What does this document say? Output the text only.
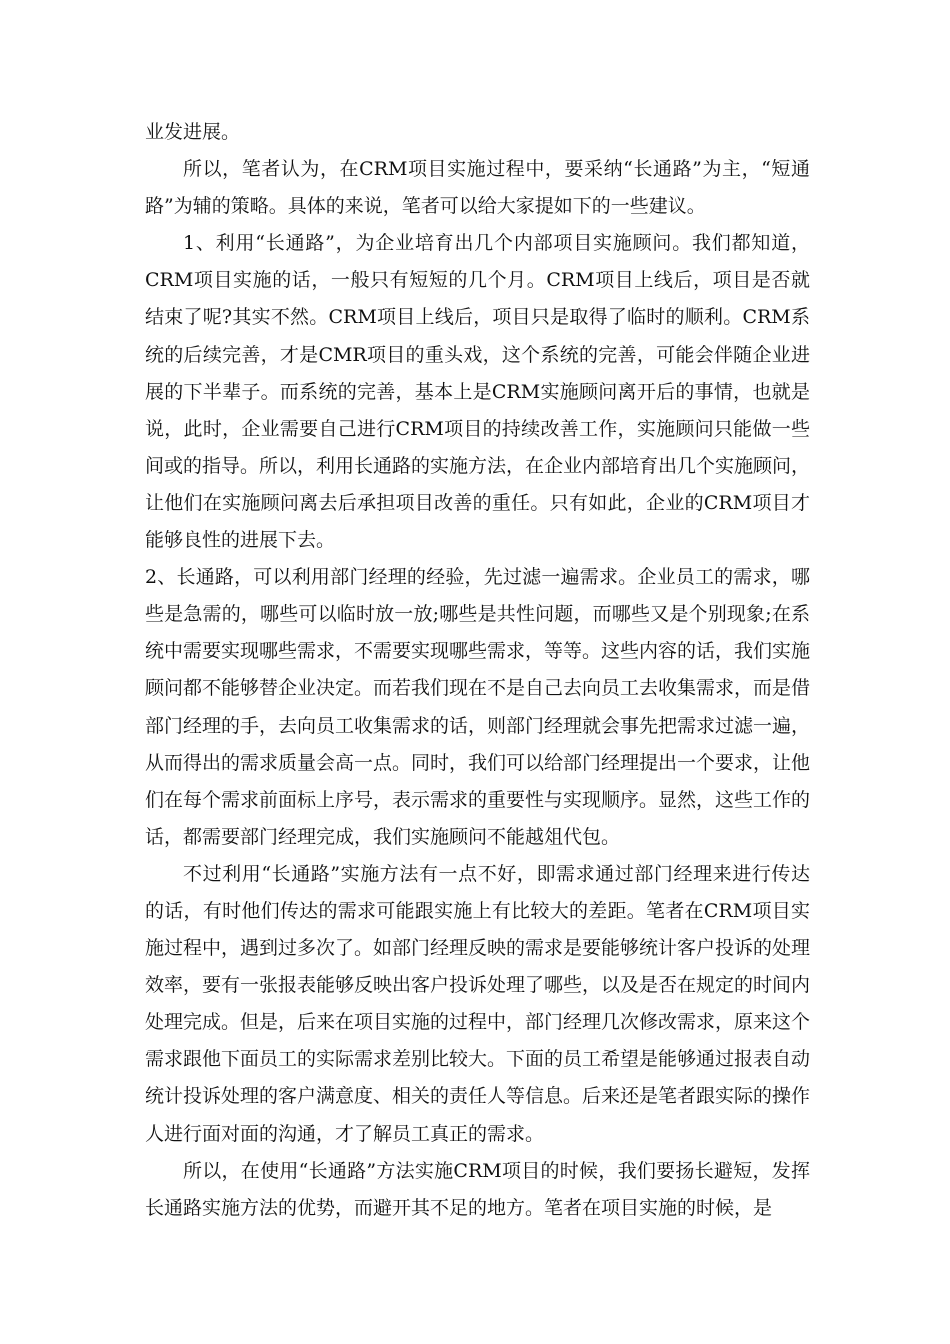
业发进展。

所以，笔者认为，在CRM项目实施过程中，要采纳“长通路”为主，“短通路”为辅的策略。具体的来说，笔者可以给大家提如下的一些建议。

1、利用“长通路”，为企业培育出几个内部项目实施顾问。我们都知道，CRM项目实施的话，一般只有短短的几个月。CRM项目上线后，项目是否就结束了呢?其实不然。CRM项目上线后，项目只是取得了临时的顺利。CRM系统的后续完善，才是CMR项目的重头戏，这个系统的完善，可能会伴随企业进展的下半辈子。而系统的完善，基本上是CRM实施顾问离开后的事情，也就是说，此时，企业需要自己进行CRM项目的持续改善工作，实施顾问只能做一些间或的指导。所以，利用长通路的实施方法，在企业内部培育出几个实施顾问，让他们在实施顾问离去后承担项目改善的重任。只有如此，企业的CRM项目才能够良性的进展下去。

2、长通路，可以利用部门经理的经验，先过滤一遍需求。企业员工的需求，哪些是急需的，哪些可以临时放一放;哪些是共性问题，而哪些又是个别现象;在系统中需要实现哪些需求，不需要实现哪些需求，等等。这些内容的话，我们实施顾问都不能够替企业决定。而若我们现在不是自己去向员工去收集需求，而是借部门经理的手，去向员工收集需求的话，则部门经理就会事先把需求过滤一遍，从而得出的需求质量会高一点。同时，我们可以给部门经理提出一个要求，让他们在每个需求前面标上序号，表示需求的重要性与实现顺序。显然，这些工作的话，都需要部门经理完成，我们实施顾问不能越俎代包。

不过利用“长通路”实施方法有一点不好，即需求通过部门经理来进行传达的话，有时他们传达的需求可能跟实施上有比较大的差距。笔者在CRM项目实施过程中，遇到过多次了。如部门经理反映的需求是要能够统计客户投诉的处理效率，要有一张报表能够反映出客户投诉处理了哪些，以及是否在规定的时间内处理完成。但是，后来在项目实施的过程中，部门经理几次修改需求，原来这个需求跟他下面员工的实际需求差别比较大。下面的员工希望是能够通过报表自动统计投诉处理的客户满意度、相关的责任人等信息。后来还是笔者跟实际的操作人进行面对面的沟通，才了解员工真正的需求。

所以，在使用“长通路”方法实施CRM项目的时候，我们要扬长避短，发挥长通路实施方法的优势，而避开其不足的地方。笔者在项目实施的时候，是
